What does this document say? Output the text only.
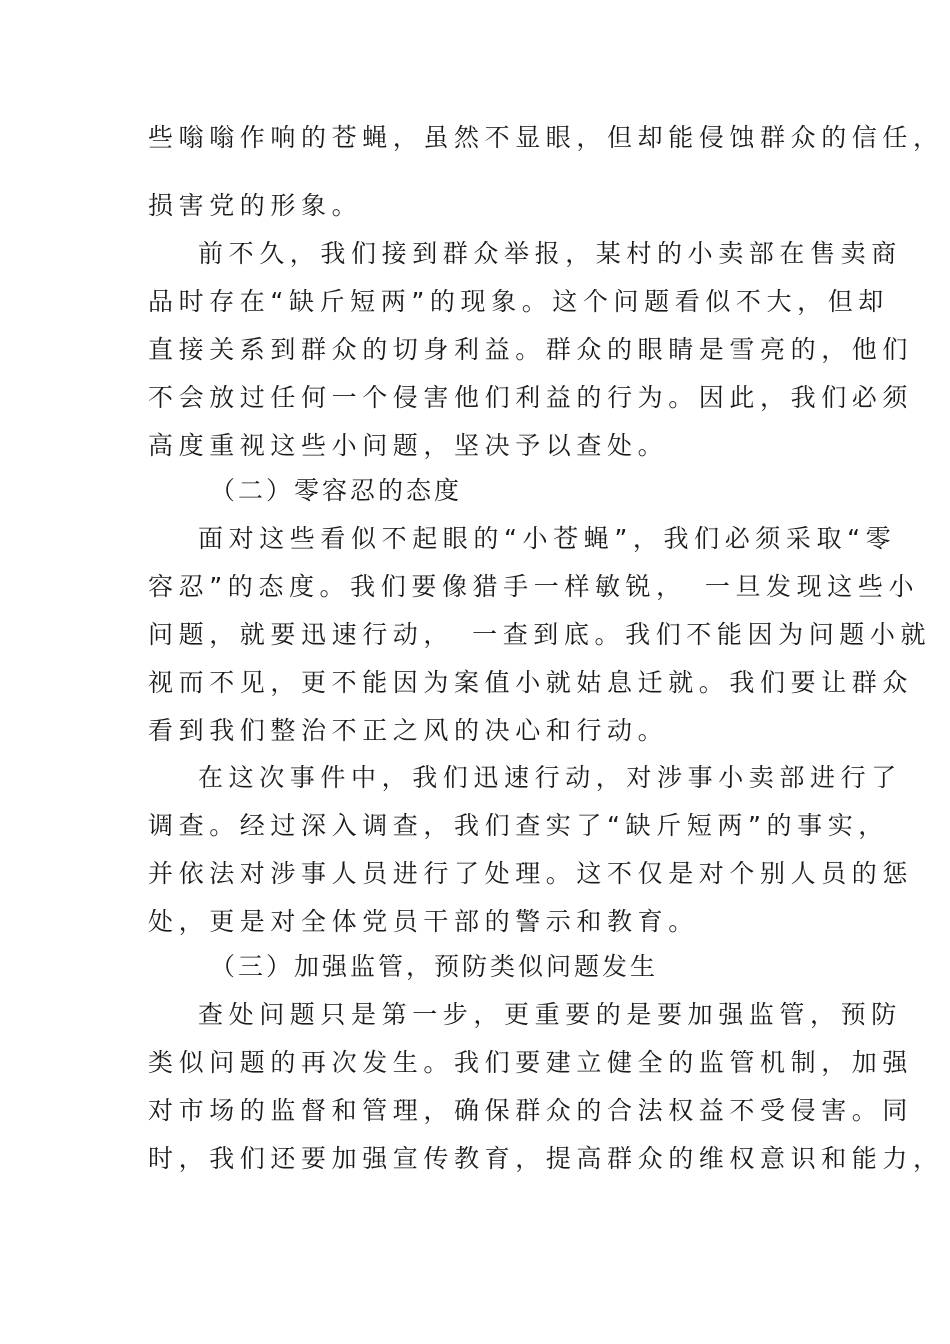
些嗡嗡作响的苍蝇，虽然不显眼，但却能侵蚀群众的信任，
损害党的形象。
前不久，我们接到群众举报，某村的小卖部在售卖商
品时存在“缺斤短两”的现象。这个问题看似不大，但却
直接关系到群众的切身利益。群众的眼睛是雪亮的，他们
不会放过任何一个侵害他们利益的行为。因此，我们必须
高度重视这些小问题，坚决予以查处。
（二）零容忍的态度
面对这些看似不起眼的“小苍蝇”，我们必须采取“零
容忍”的态度。我们要像猎手一样敏锐，　一旦发现这些小
问题，就要迅速行动，　一查到底。我们不能因为问题小就
视而不见，更不能因为案值小就姑息迁就。我们要让群众
看到我们整治不正之风的决心和行动。
在这次事件中，我们迅速行动，对涉事小卖部进行了
调查。经过深入调查，我们查实了“缺斤短两”的事实，
并依法对涉事人员进行了处理。这不仅是对个别人员的惩
处，更是对全体党员干部的警示和教育。
（三）加强监管，预防类似问题发生
查处问题只是第一步，更重要的是要加强监管，预防
类似问题的再次发生。我们要建立健全的监管机制，加强
对市场的监督和管理，确保群众的合法权益不受侵害。同
时，我们还要加强宣传教育，提高群众的维权意识和能力，
